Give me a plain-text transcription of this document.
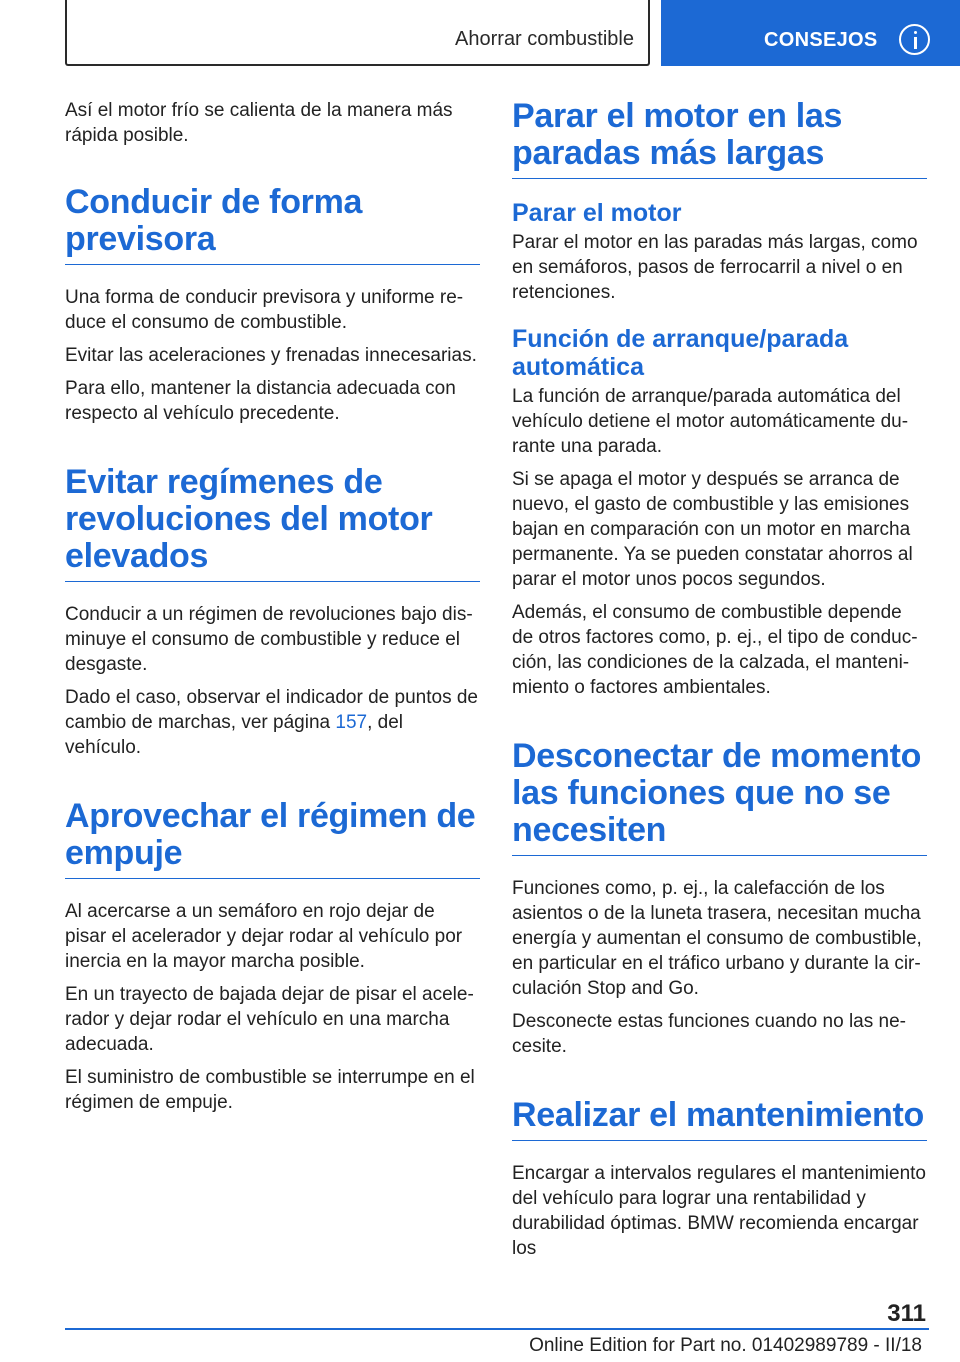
Ahorrar combustible	CONSEJOS

Así el motor frío se calienta de la manera más rápida posible.

Conducir de forma previsora

Una forma de conducir previsora y uniforme reduce el consumo de combustible.

Evitar las aceleraciones y frenadas innecesarias.

Para ello, mantener la distancia adecuada con respecto al vehículo precedente.

Evitar regímenes de revoluciones del motor elevados

Conducir a un régimen de revoluciones bajo disminuye el consumo de combustible y reduce el desgaste.

Dado el caso, observar el indicador de puntos de cambio de marchas, ver página 157, del vehículo.

Aprovechar el régimen de empuje

Al acercarse a un semáforo en rojo dejar de pisar el acelerador y dejar rodar al vehículo por inercia en la mayor marcha posible.

En un trayecto de bajada dejar de pisar el acelerador y dejar rodar el vehículo en una marcha adecuada.

El suministro de combustible se interrumpe en el régimen de empuje.

Parar el motor en las paradas más largas
Parar el motor

Parar el motor en las paradas más largas, como en semáforos, pasos de ferrocarril a nivel o en retenciones.

Función de arranque/parada automática

La función de arranque/parada automática del vehículo detiene el motor automáticamente durante una parada.

Si se apaga el motor y después se arranca de nuevo, el gasto de combustible y las emisiones bajan en comparación con un motor en marcha permanente. Ya se pueden constatar ahorros al parar el motor unos pocos segundos.

Además, el consumo de combustible depende de otros factores como, p. ej., el tipo de conducción, las condiciones de la calzada, el mantenimiento o factores ambientales.

Desconectar de momento las funciones que no se necesiten

Funciones como, p. ej., la calefacción de los asientos o de la luneta trasera, necesitan mucha energía y aumentan el consumo de combustible, en particular en el tráfico urbano y durante la circulación Stop and Go.

Desconecte estas funciones cuando no las necesite.

Realizar el mantenimiento

Encargar a intervalos regulares el mantenimiento del vehículo para lograr una rentabilidad y durabilidad óptimas. BMW recomienda encargar los

311
Online Edition for Part no. 01402989789 - II/18
